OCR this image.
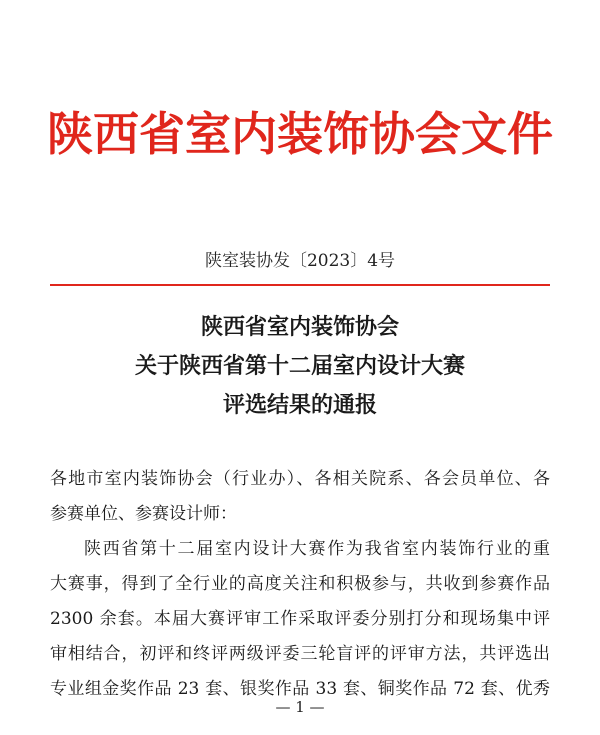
陕西省室内装饰协会文件
陕室装协发〔2023〕4号
陕西省室内装饰协会
关于陕西省第十二届室内设计大赛
评选结果的通报
各地市室内装饰协会（行业办）、各相关院系、各会员单位、各
参赛单位、参赛设计师：
陕西省第十二届室内设计大赛作为我省室内装饰行业的重
大赛事，得到了全行业的高度关注和积极参与，共收到参赛作品
2300 余套。本届大赛评审工作采取评委分别打分和现场集中评
审相结合，初评和终评两级评委三轮盲评的评审方法，共评选出
专业组金奖作品 23 套、银奖作品 33 套、铜奖作品 72 套、优秀
— 1 —
